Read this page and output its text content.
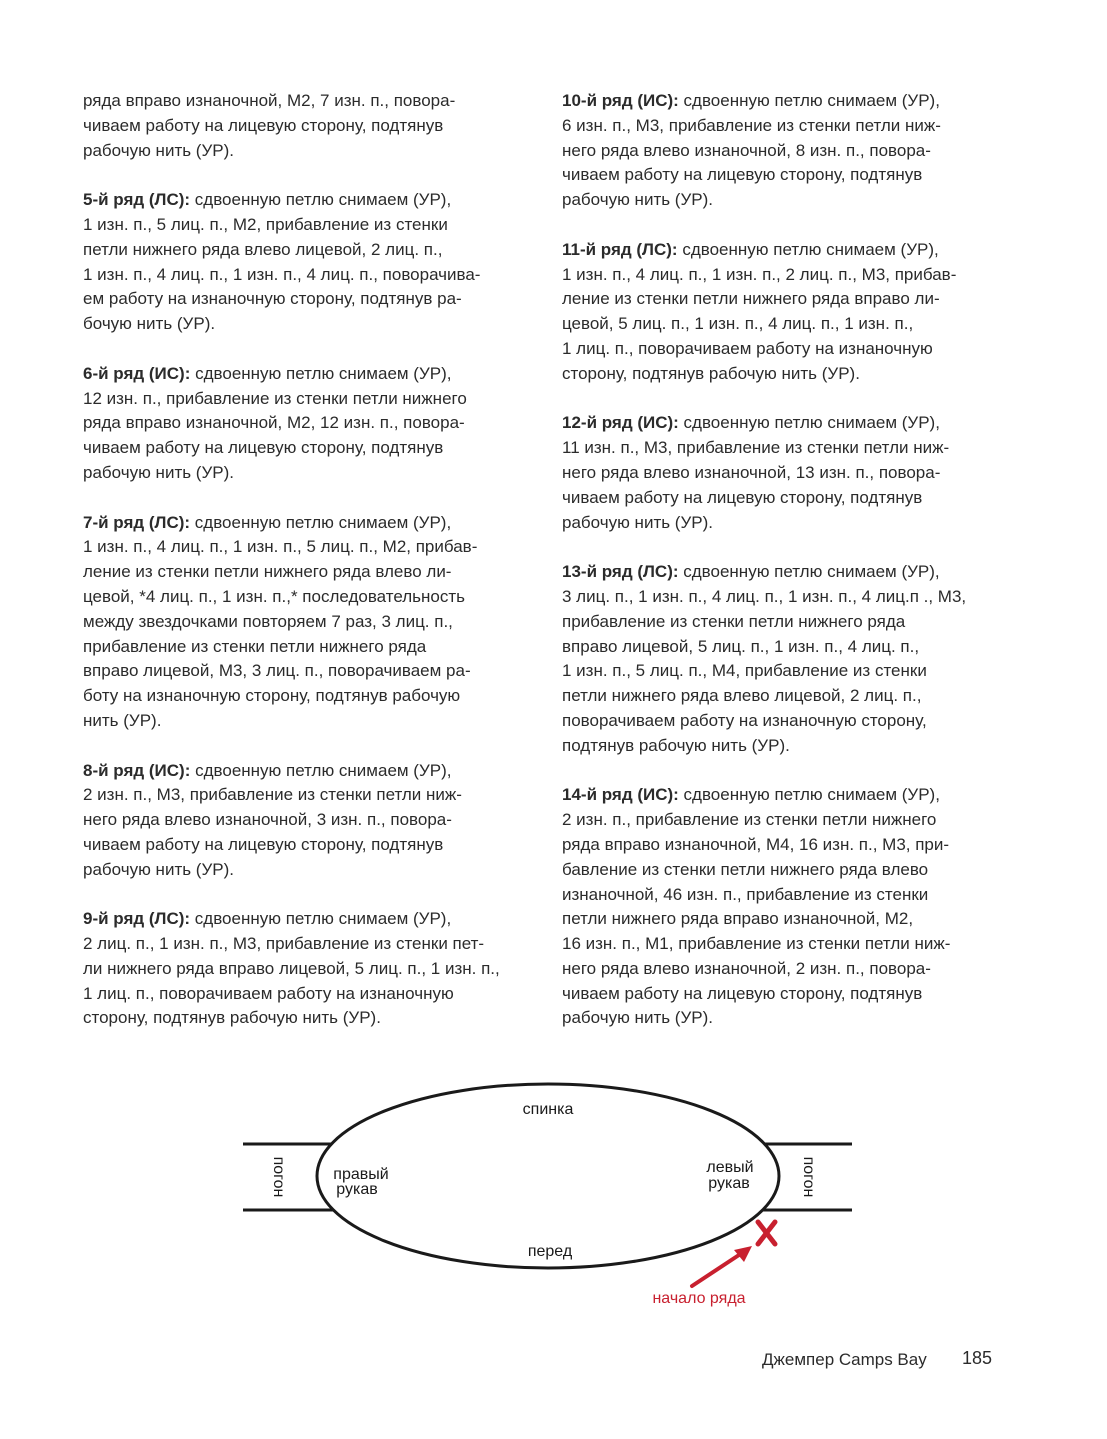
ряда вправо изнаночной, М2, 7 изн. п., повора-
чиваем работу на лицевую сторону, подтянув
рабочую нить (УР).

5-й ряд (ЛС): сдвоенную петлю снимаем (УР),
1 изн. п., 5 лиц. п., М2, прибавление из стенки
петли нижнего ряда влево лицевой, 2 лиц. п.,
1 изн. п., 4 лиц. п., 1 изн. п., 4 лиц. п., поворачива-
ем работу на изнаночную сторону, подтянув ра-
бочую нить (УР).

6-й ряд (ИС): сдвоенную петлю снимаем (УР),
12 изн. п., прибавление из стенки петли нижнего
ряда вправо изнаночной, М2, 12 изн. п., повора-
чиваем работу на лицевую сторону, подтянув
рабочую нить (УР).

7-й ряд (ЛС): сдвоенную петлю снимаем (УР),
1 изн. п., 4 лиц. п., 1 изн. п., 5 лиц. п., М2, прибав-
ление из стенки петли нижнего ряда влево ли-
цевой, *4 лиц. п., 1 изн. п.,* последовательность
между звездочками повторяем 7 раз, 3 лиц. п.,
прибавление из стенки петли нижнего ряда
вправо лицевой, М3, 3 лиц. п., поворачиваем ра-
боту на изнаночную сторону, подтянув рабочую
нить (УР).

8-й ряд (ИС): сдвоенную петлю снимаем (УР),
2 изн. п., М3, прибавление из стенки петли ниж-
него ряда влево изнаночной, 3 изн. п., повора-
чиваем работу на лицевую сторону, подтянув
рабочую нить (УР).

9-й ряд (ЛС): сдвоенную петлю снимаем (УР),
2 лиц. п., 1 изн. п., М3, прибавление из стенки пет-
ли нижнего ряда вправо лицевой, 5 лиц. п., 1 изн. п.,
1 лиц. п., поворачиваем работу на изнаночную
сторону, подтянув рабочую нить (УР).

10-й ряд (ИС): сдвоенную петлю снимаем (УР),
6 изн. п., М3, прибавление из стенки петли ниж-
него ряда влево изнаночной, 8 изн. п., повора-
чиваем работу на лицевую сторону, подтянув
рабочую нить (УР).

11-й ряд (ЛС): сдвоенную петлю снимаем (УР),
1 изн. п., 4 лиц. п., 1 изн. п., 2 лиц. п., М3, прибав-
ление из стенки петли нижнего ряда вправо ли-
цевой, 5 лиц. п., 1 изн. п., 4 лиц. п., 1 изн. п.,
1 лиц. п., поворачиваем работу на изнаночную
сторону, подтянув рабочую нить (УР).

12-й ряд (ИС): сдвоенную петлю снимаем (УР),
11 изн. п., М3, прибавление из стенки петли ниж-
него ряда влево изнаночной, 13 изн. п., повора-
чиваем работу на лицевую сторону, подтянув
рабочую нить (УР).

13-й ряд (ЛС): сдвоенную петлю снимаем (УР),
3 лиц. п., 1 изн. п., 4 лиц. п., 1 изн. п., 4 лиц.п ., М3,
прибавление из стенки петли нижнего ряда
вправо лицевой, 5 лиц. п., 1 изн. п., 4 лиц. п.,
1 изн. п., 5 лиц. п., М4, прибавление из стенки
петли нижнего ряда влево лицевой, 2 лиц. п.,
поворачиваем работу на изнаночную сторону,
подтянув рабочую нить (УР).

14-й ряд (ИС): сдвоенную петлю снимаем (УР),
2 изн. п., прибавление из стенки петли нижнего
ряда вправо изнаночной, М4, 16 изн. п., М3, при-
бавление из стенки петли нижнего ряда влево
изнаночной, 46 изн. п., прибавление из стенки
петли нижнего ряда вправо изнаночной, М2,
16 изн. п., М1, прибавление из стенки петли ниж-
него ряда влево изнаночной, 2 изн. п., повора-
чиваем работу на лицевую сторону, подтянув
рабочую нить (УР).

спинка
перед
правый
рукав
левый
рукав
погон	погон
начало ряда
Джемпер Camps Bay 185
